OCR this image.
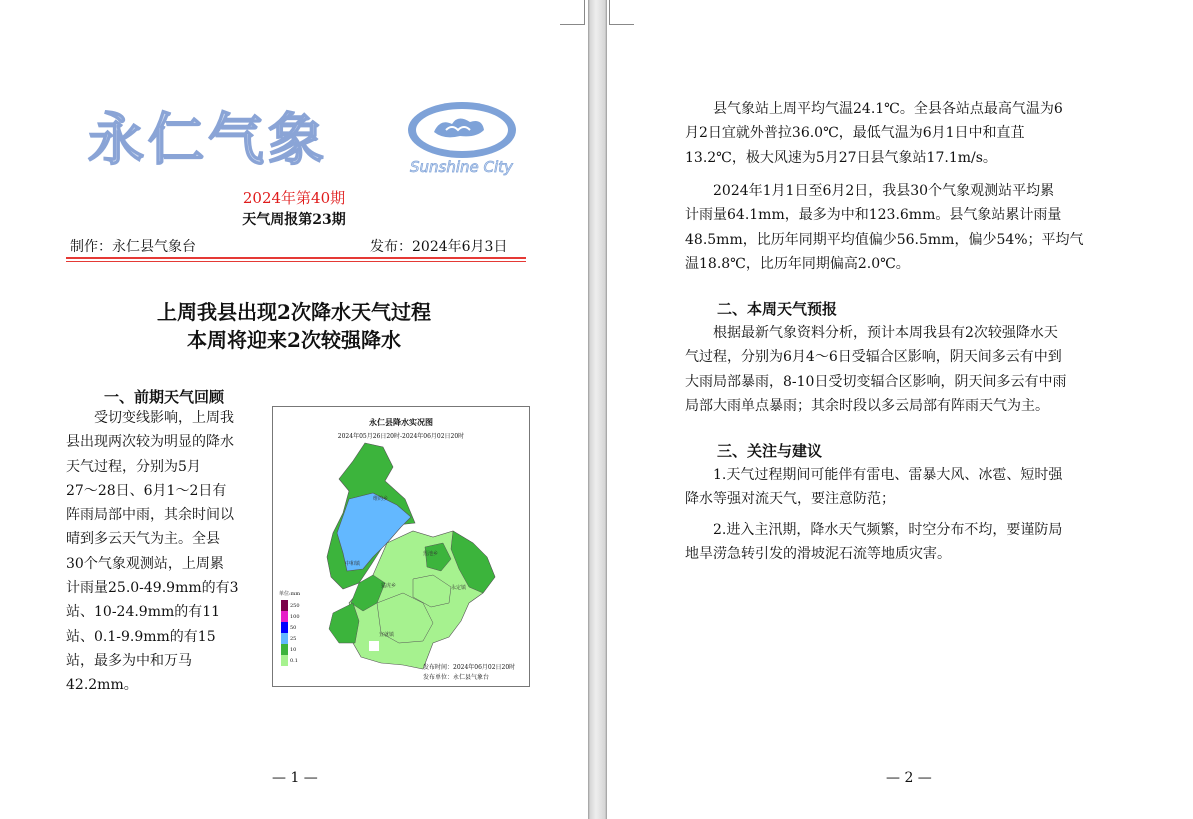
永仁气象	Sunshine City
2024年第40期
天气周报第23期
制作：永仁县气象台	发布：2024年6月3日
上周我县出现2次降水天气过程
本周将迎来2次较强降水
一、前期天气回顾
受切变线影响，上周我
县出现两次较为明显的降水
天气过程，分别为5月
27～28日、6月1～2日有
阵雨局部中雨，其余时间以
晴到多云天气为主。全县
30个气象观测站，上周累
计雨量25.0-49.9mm的有3
站、10-24.9mm的有11
站、0.1-9.9mm的有15
站，最多为中和万马
42.2mm。
永仁县降水实况图
2024年05月26日20时-2024年06月02日20时
维的乡
中和镇
猛虎乡	永定镇
宜就镇
莲池乡
单位:mm
250
100
50
25
10
0.1
发布时间：2024年06月02日20时
发布单位：永仁县气象台
— 1 —
县气象站上周平均气温24.1℃。全县各站点最高气温为6
月2日宜就外普拉36.0℃，最低气温为6月1日中和直苴
13.2℃，极大风速为5月27日县气象站17.1m/s。
2024年1月1日至6月2日，我县30个气象观测站平均累
计雨量64.1mm，最多为中和123.6mm。县气象站累计雨量
48.5mm，比历年同期平均值偏少56.5mm，偏少54%；平均气
温18.8℃，比历年同期偏高2.0℃。
二、本周天气预报
根据最新气象资料分析，预计本周我县有2次较强降水天
气过程，分别为6月4～6日受辐合区影响，阴天间多云有中到
大雨局部暴雨，8-10日受切变辐合区影响，阴天间多云有中雨
局部大雨单点暴雨；其余时段以多云局部有阵雨天气为主。
三、关注与建议
1.天气过程期间可能伴有雷电、雷暴大风、冰雹、短时强
降水等强对流天气，要注意防范；
2.进入主汛期，降水天气频繁，时空分布不均，要谨防局
地旱涝急转引发的滑坡泥石流等地质灾害。
— 2 —
